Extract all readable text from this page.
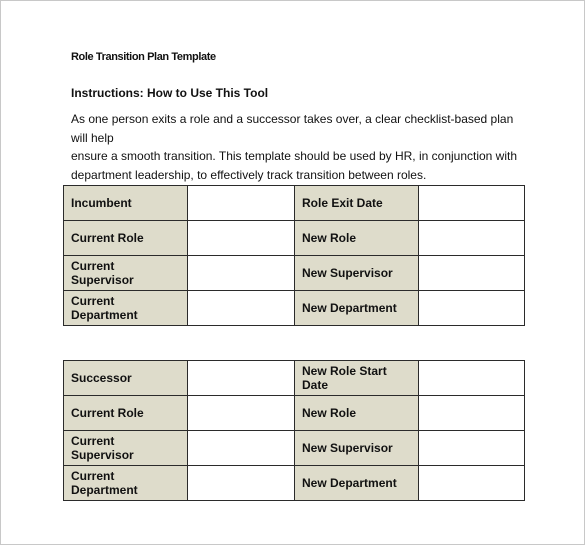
Role Transition Plan Template
Instructions: How to Use This Tool
As one person exits a role and a successor takes over, a clear checklist-based plan will help
ensure a smooth transition. This template should be used by HR, in conjunction with
department leadership, to effectively track transition between roles.
Incumbent		Role Exit Date	
Current Role		New Role	
Current Supervisor		New Supervisor	
Current Department		New Department	
Successor		New Role Start Date	
Current Role		New Role	
Current Supervisor		New Supervisor	
Current Department		New Department	
